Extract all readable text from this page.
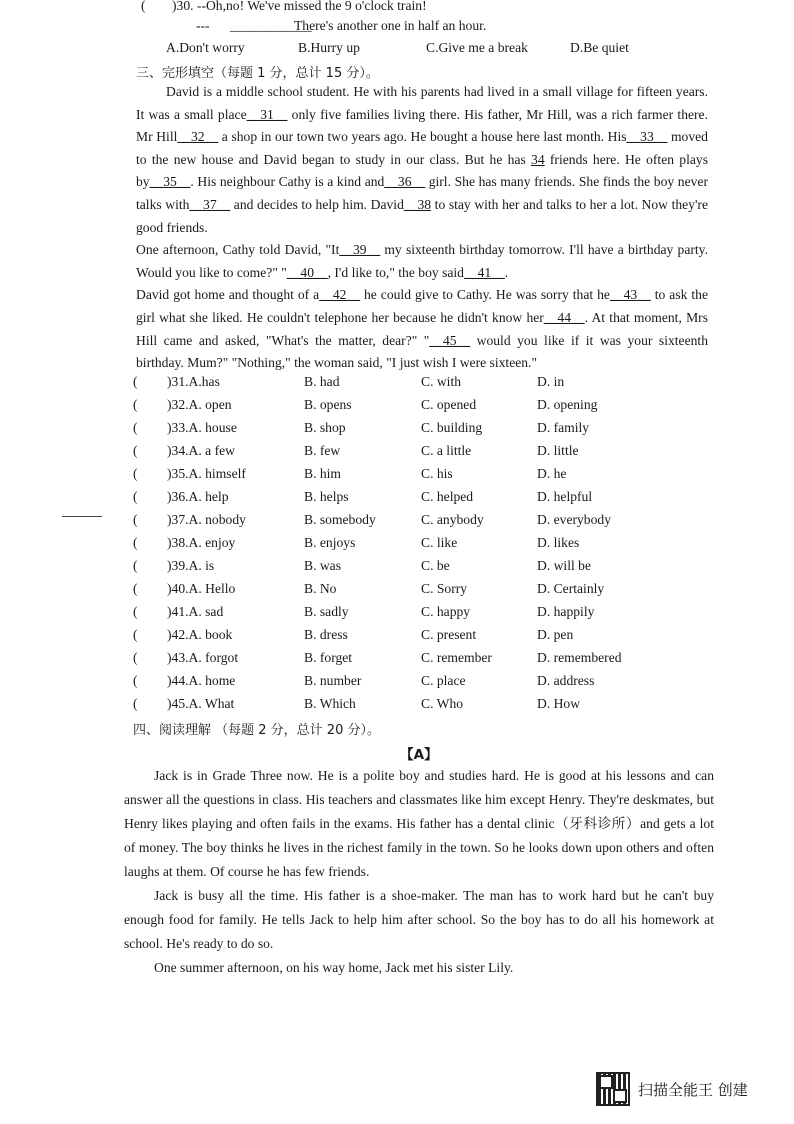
( )30. --Oh,no! We've missed the 9 o'clock train!
--- ____________
There's another one in half an hour.
A.Don't worry	B.Hurry up	C.Give me a break	D.Be quiet
三、完形填空（每题 1 分，总计 15 分）。

David is a middle school student. He with his parents had lived in a small village for fifteen years. It was a small place__31__ only five families living there. His father, Mr Hill, was a rich farmer there. Mr Hill__32__ a shop in our town two years ago. He bought a house here last month. His__33__ moved to the new house and David began to study in our class. But he has 34 friends here. He often plays by__35__. His neighbour Cathy is a kind and__36__ girl. She has many friends. She finds the boy never talks with__37__ and decides to help him. David__38 to stay with her and talks to her a lot. Now they're good friends.

One afternoon, Cathy told David, "It__39__ my sixteenth birthday tomorrow. I'll have a birthday party. Would you like to come?" "__40__, I'd like to," the boy said__41__.

David got home and thought of a__42__ he could give to Cathy. He was sorry that he__43__ to ask the girl what she liked. He couldn't telephone her because he didn't know her__44__. At that moment, Mrs Hill came and asked, "What's the matter, dear?" "__45__ would you like if it was your sixteenth birthday. Mum?" "Nothing," the woman said, "I just wish I were sixteen."

( )31.A.has	B. had	C. with	D. in
( )32.A. open	B. opens	C. opened	D. opening
( )33.A. house	B. shop	C. building	D. family
( )34.A. a few	B. few	C. a little	D. little
( )35.A. himself	B. him	C. his	D. he
( )36.A. help	B. helps	C. helped	D. helpful
( )37.A. nobody	B. somebody	C. anybody	D. everybody
( )38.A. enjoy	B. enjoys	C. like	D. likes
( )39.A. is	B. was	C. be	D. will be
( )40.A. Hello	B. No	C. Sorry	D. Certainly
( )41.A. sad	B. sadly	C. happy	D. happily
( )42.A. book	B. dress	C. present	D. pen
( )43.A. forgot	B. forget	C. remember	D. remembered
( )44.A. home	B. number	C. place	D. address
( )45.A. What	B. Which	C. Who	D. How
四、阅读理解 （每题 2 分，总计 20 分）。
【A】

Jack is in Grade Three now. He is a polite boy and studies hard. He is good at his lessons and can answer all the questions in class. His teachers and classmates like him except Henry. They're deskmates, but Henry likes playing and often fails in the exams. His father has a dental clinic（牙科诊所）and gets a lot of money. The boy thinks he lives in the richest family in the town. So he looks down upon others and often laughs at them. Of course he has few friends.

Jack is busy all the time. His father is a shoe-maker. The man has to work hard but he can't buy enough food for family. He tells Jack to help him after school. So the boy has to do all his homework at school. He's ready to do so.

One summer afternoon, on his way home, Jack met his sister Lily.

扫描全能王 创建
